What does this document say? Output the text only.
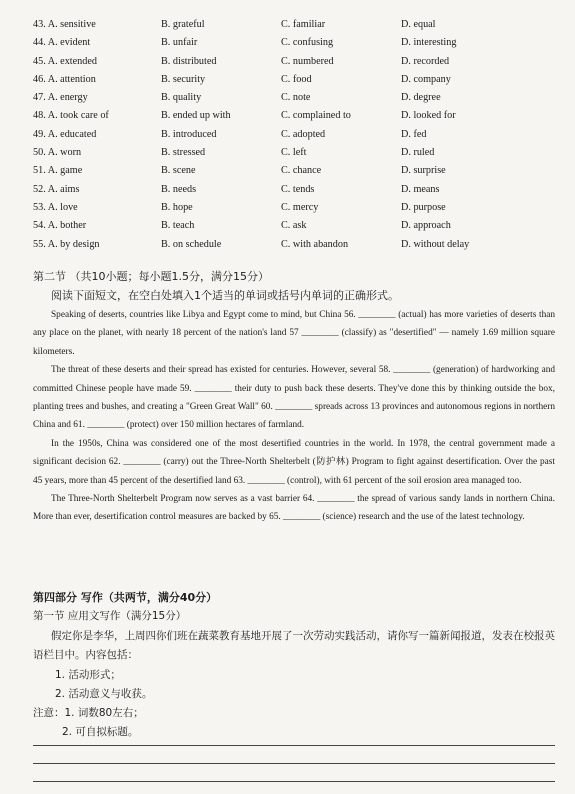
43. A. sensitive	B. grateful	C. familiar	D. equal
44. A. evident	B. unfair	C. confusing	D. interesting
45. A. extended	B. distributed	C. numbered	D. recorded
46. A. attention	B. security	C. food	D. company
47. A. energy	B. quality	C. note	D. degree
48. A. took care of	B. ended up with	C. complained to	D. looked for
49. A. educated	B. introduced	C. adopted	D. fed
50. A. worn	B. stressed	C. left	D. ruled
51. A. game	B. scene	C. chance	D. surprise
52. A. aims	B. needs	C. tends	D. means
53. A. love	B. hope	C. mercy	D. purpose
54. A. bother	B. teach	C. ask	D. approach
55. A. by design	B. on schedule	C. with abandon	D. without delay
第二节 （共10小题；每小题1.5分，满分15分）
阅读下面短文，在空白处填入1个适当的单词或括号内单词的正确形式。

Speaking of deserts, countries like Libya and Egypt come to mind, but China 56. ________ (actual) has more varieties of deserts than any place on the planet, with nearly 18 percent of the nation's land 57 ________ (classify) as "desertified" — namely 1.69 million square kilometers.

The threat of these deserts and their spread has existed for centuries. However, several 58. ________ (generation) of hardworking and committed Chinese people have made 59. ________ their duty to push back these deserts. They've done this by thinking outside the box, planting trees and bushes, and creating a "Green Great Wall" 60. ________ spreads across 13 provinces and autonomous regions in northern China and 61. ________ (protect) over 150 million hectares of farmland.

In the 1950s, China was considered one of the most desertified countries in the world. In 1978, the central government made a significant decision 62. ________ (carry) out the Three-North Shelterbelt (防护林) Program to fight against desertification. Over the past 45 years, more than 45 percent of the desertified land 63. ________ (control), with 61 percent of the soil erosion area managed too.

The Three-North Shelterbelt Program now serves as a vast barrier 64. ________ the spread of various sandy lands in northern China. More than ever, desertification control measures are backed by 65. ________ (science) research and the use of the latest technology.

第四部分 写作（共两节，满分40分）
第一节 应用文写作（满分15分）
假定你是李华，上周四你们班在蔬菜教育基地开展了一次劳动实践活动，请你写一篇新闻报道，发表在校报英语栏目中。内容包括：
1. 活动形式；
2. 活动意义与收获。
注意：1. 词数80左右；
2. 可自拟标题。
